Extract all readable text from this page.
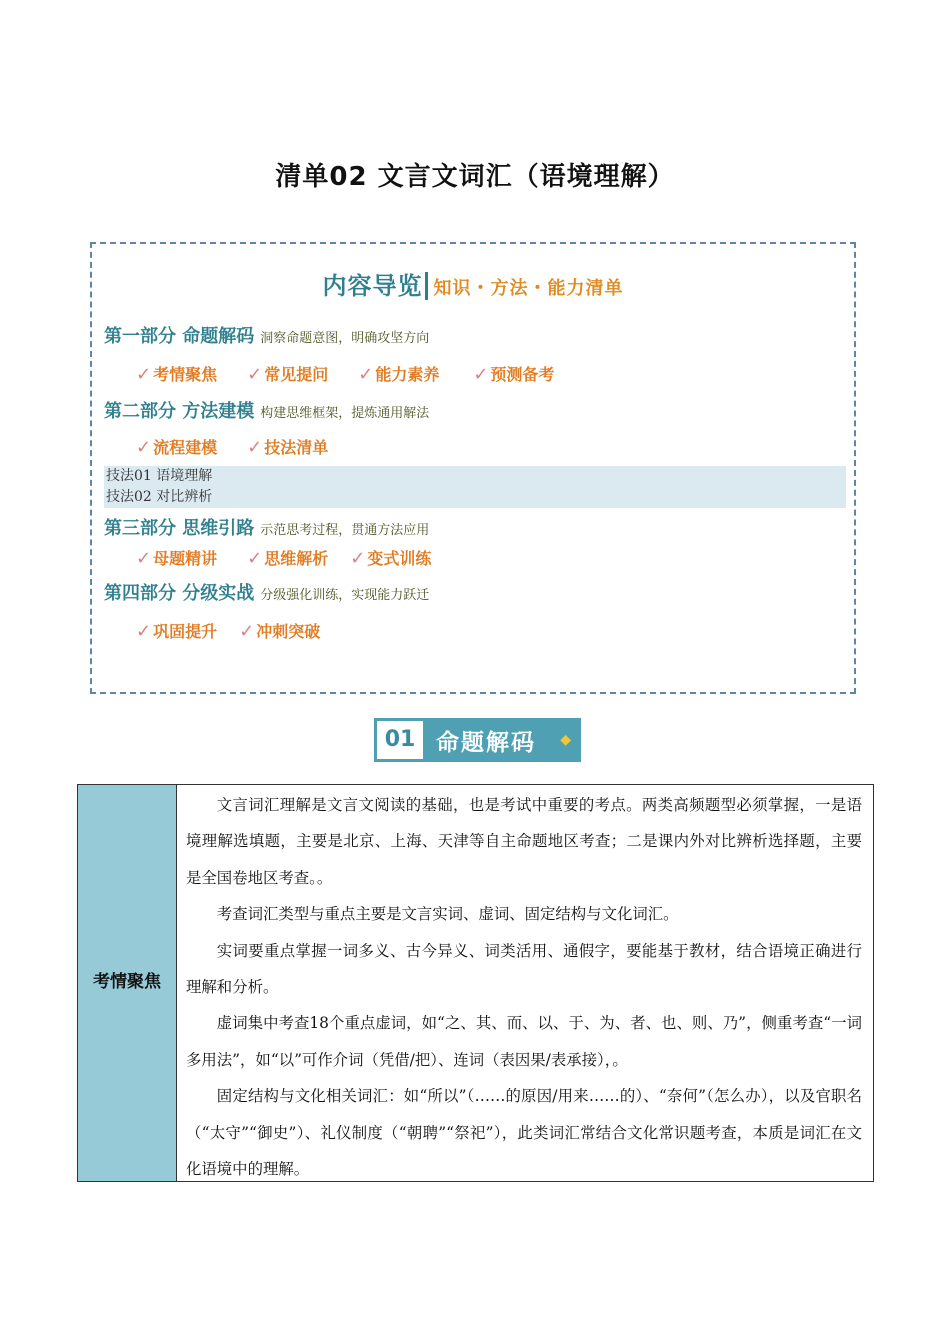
清单02 文言文词汇（语境理解）
内容导览 知识・方法・能力清单
第一部分 命题解码 洞察命题意图，明确攻坚方向
✓ 考情聚焦 ✓ 常见提问 ✓ 能力素养 ✓ 预测备考
第二部分 方法建模 构建思维框架，提炼通用解法
✓ 流程建模 ✓ 技法清单
技法01 语境理解
技法02 对比辨析
第三部分 思维引路 示范思考过程，贯通方法应用
✓ 母题精讲 ✓ 思维解析 ✓ 变式训练
第四部分 分级实战 分级强化训练，实现能力跃迁
✓ 巩固提升 ✓ 冲刺突破
01 命题解码 ◆
考情聚焦

文言词汇理解是文言文阅读的基础，也是考试中重要的考点。两类高频题型必须掌握，一是语境理解选填题，主要是北京、上海、天津等自主命题地区考查；二是课内外对比辨析选择题，主要是全国卷地区考查。。

考查词汇类型与重点主要是文言实词、虚词、固定结构与文化词汇。

实词要重点掌握一词多义、古今异义、词类活用、通假字，要能基于教材，结合语境正确进行理解和分析。

虚词集中考查18个重点虚词，如“之、其、而、以、于、为、者、也、则、乃”，侧重考查“一词多用法”，如“以”可作介词（凭借/把）、连词（表因果/表承接），。

固定结构与文化相关词汇：如“所以”（……的原因/用来……的）、“奈何”（怎么办），以及官职名（“太守”“御史”）、礼仪制度（“朝聘”“祭祀”），此类词汇常结合文化常识题考查，本质是词汇在文化语境中的理解。
